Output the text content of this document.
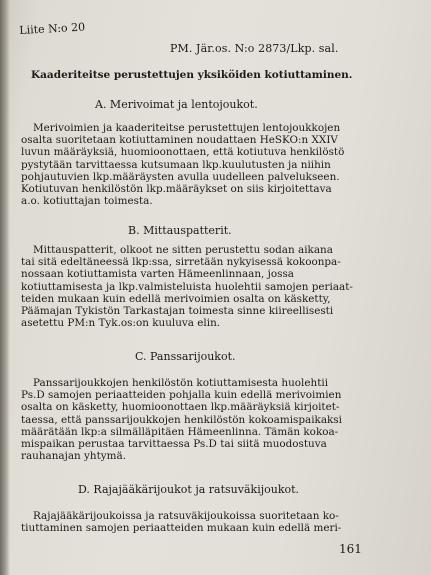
Liite N:o 20
PM. Jär.os. N:o 2873/Lkp. sal.
Kaaderiteitse perustettujen yksiköiden kotiuttaminen.
A. Merivoimat ja lentojoukot.
Merivoimien ja kaaderiteitse perustettujen lentojoukkojen
osalta suoritetaan kotiuttaminen noudattaen HeSKO:n XXIV
luvun määräyksiä, huomioonottaen, että kotiutuva henkilöstö
pystytään tarvittaessa kutsumaan lkp.kuulutusten ja niihin
pohjautuvien lkp.määräysten avulla uudelleen palvelukseen.
Kotiutuvan henkilöstön lkp.määräykset on siis kirjoitettava
a.o. kotiuttajan toimesta.
B. Mittauspatterit.
Mittauspatterit, olkoot ne sitten perustettu sodan aikana
tai sitä edeltäneessä lkp:ssa, sirretään nykyisessä kokoonpa-
nossaan kotiuttamista varten Hämeenlinnaan, jossa
kotiuttamisesta ja lkp.valmisteluista huolehtii samojen periaat-
teiden mukaan kuin edellä merivoimien osalta on käsketty,
Päämajan Tykistön Tarkastajan toimesta sinne kiireellisesti
asetettu PM:n Tyk.os:on kuuluva elin.
C. Panssarijoukot.
Panssarijoukkojen henkilöstön kotiuttamisesta huolehtii
Ps.D samojen periaatteiden pohjalla kuin edellä merivoimien
osalta on käsketty, huomioonottaen lkp.määräyksiä kirjoitet-
taessa, että panssarijoukkojen henkilöstön kokoamispaikaksi
määrätään lkp:a silmälläpitäen Hämeenlinna. Tämän kokoa-
mispaikan perustaa tarvittaessa Ps.D tai siitä muodostuva
rauhanajan yhtymä.
D. Rajajääkärijoukot ja ratsuväkijoukot.
Rajajääkärijoukoissa ja ratsuväkijoukoissa suoritetaan ko-
tiuttaminen samojen periaatteiden mukaan kuin edellä meri-
161
